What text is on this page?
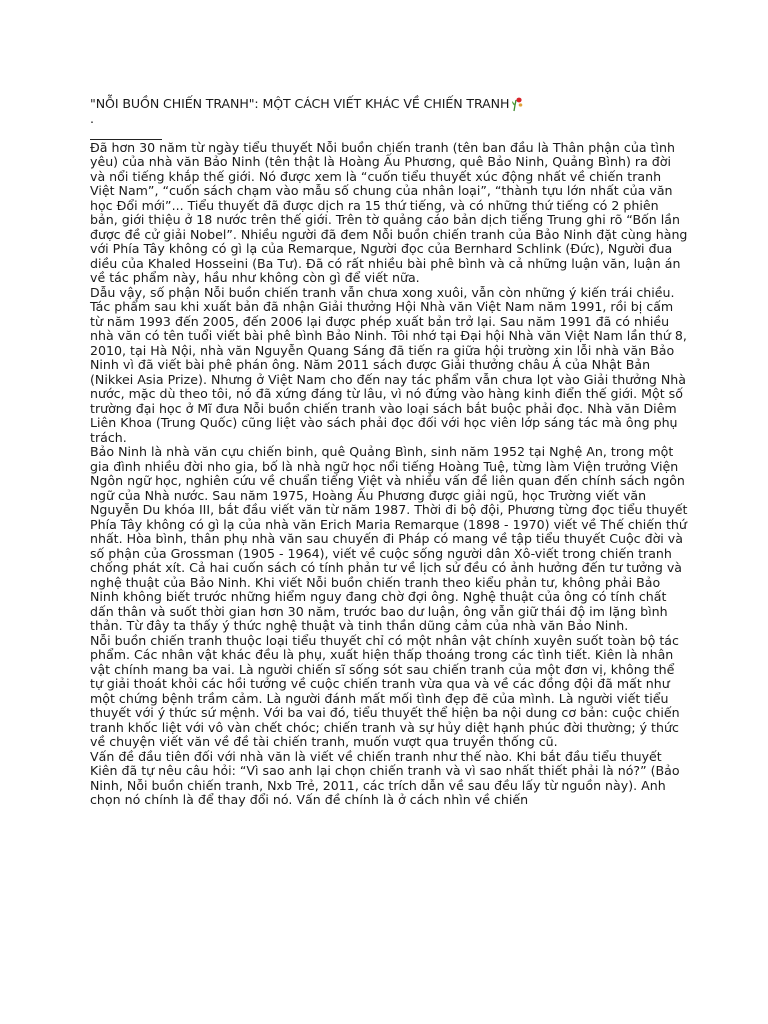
"NỖI BUỒN CHIẾN TRANH": MỘT CÁCH VIẾT KHÁC VỀ CHIẾN TRANH
.

Đã hơn 30 năm từ ngày tiểu thuyết Nỗi buồn chiến tranh (tên ban đầu là Thân phận của tình yêu) của nhà văn Bảo Ninh (tên thật là Hoàng Ấu Phương, quê Bảo Ninh, Quảng Bình) ra đời và nổi tiếng khắp thế giới. Nó được xem là “cuốn tiểu thuyết xúc động nhất về chiến tranh Việt Nam”, “cuốn sách chạm vào mẫu số chung của nhân loại”, “thành tựu lớn nhất của văn học Đổi mới”... Tiểu thuyết đã được dịch ra 15 thứ tiếng, và có những thứ tiếng có 2 phiên bản, giới thiệu ở 18 nước trên thế giới. Trên tờ quảng cáo bản dịch tiếng Trung ghi rõ “Bốn lần được đề cử giải Nobel”. Nhiều người đã đem Nỗi buồn chiến tranh của Bảo Ninh đặt cùng hàng với Phía Tây không có gì lạ của Remarque, Người đọc của Bernhard Schlink (Đức), Người đua diều của Khaled Hosseini (Ba Tư). Đã có rất nhiều bài phê bình và cả những luận văn, luận án về tác phẩm này, hầu như không còn gì để viết nữa.

Dẫu vậy, số phận Nỗi buồn chiến tranh vẫn chưa xong xuôi, vẫn còn những ý kiến trái chiều. Tác phẩm sau khi xuất bản đã nhận Giải thưởng Hội Nhà văn Việt Nam năm 1991, rồi bị cấm từ năm 1993 đến 2005, đến 2006 lại được phép xuất bản trở lại. Sau năm 1991 đã có nhiều nhà văn có tên tuổi viết bài phê bình Bảo Ninh. Tôi nhớ tại Đại hội Nhà văn Việt Nam lần thứ 8, 2010, tại Hà Nội, nhà văn Nguyễn Quang Sáng đã tiến ra giữa hội trường xin lỗi nhà văn Bảo Ninh vì đã viết bài phê phán ông. Năm 2011 sách được Giải thưởng châu Á của Nhật Bản (Nikkei Asia Prize). Nhưng ở Việt Nam cho đến nay tác phẩm vẫn chưa lọt vào Giải thưởng Nhà nước, mặc dù theo tôi, nó đã xứng đáng từ lâu, vì nó đứng vào hàng kinh điển thế giới. Một số trường đại học ở Mĩ đưa Nỗi buồn chiến tranh vào loại sách bắt buộc phải đọc. Nhà văn Diêm Liên Khoa (Trung Quốc) cũng liệt vào sách phải đọc đối với học viên lớp sáng tác mà ông phụ trách.

Bảo Ninh là nhà văn cựu chiến binh, quê Quảng Bình, sinh năm 1952 tại Nghệ An, trong một gia đình nhiều đời nho gia, bố là nhà ngữ học nổi tiếng Hoàng Tuệ, từng làm Viện trưởng Viện Ngôn ngữ học, nghiên cứu về chuẩn tiếng Việt và nhiều vấn đề liên quan đến chính sách ngôn ngữ của Nhà nước. Sau năm 1975, Hoàng Ấu Phương được giải ngũ, học Trường viết văn Nguyễn Du khóa III, bắt đầu viết văn từ năm 1987. Thời đi bộ đội, Phương từng đọc tiểu thuyết Phía Tây không có gì lạ của nhà văn Erich Maria Remarque (1898 - 1970) viết về Thế chiến thứ nhất. Hòa bình, thân phụ nhà văn sau chuyến đi Pháp có mang về tập tiểu thuyết Cuộc đời và số phận của Grossman (1905 - 1964), viết về cuộc sống người dân Xô-viết trong chiến tranh chống phát xít. Cả hai cuốn sách có tính phản tư về lịch sử đều có ảnh hưởng đến tư tưởng và nghệ thuật của Bảo Ninh. Khi viết Nỗi buồn chiến tranh theo kiểu phản tư, không phải Bảo Ninh không biết trước những hiểm nguy đang chờ đợi ông. Nghệ thuật của ông có tính chất dấn thân và suốt thời gian hơn 30 năm, trước bao dư luận, ông vẫn giữ thái độ im lặng bình thản. Từ đây ta thấy ý thức nghệ thuật và tinh thần dũng cảm của nhà văn Bảo Ninh.

Nỗi buồn chiến tranh thuộc loại tiểu thuyết chỉ có một nhân vật chính xuyên suốt toàn bộ tác phẩm. Các nhân vật khác đều là phụ, xuất hiện thấp thoáng trong các tình tiết. Kiên là nhân vật chính mang ba vai. Là người chiến sĩ sống sót sau chiến tranh của một đơn vị, không thể tự giải thoát khỏi các hồi tưởng về cuộc chiến tranh vừa qua và về các đồng đội đã mất như một chứng bệnh trầm cảm. Là người đánh mất mối tình đẹp đẽ của mình. Là người viết tiểu thuyết với ý thức sứ mệnh. Với ba vai đó, tiểu thuyết thể hiện ba nội dung cơ bản: cuộc chiến tranh khốc liệt với vô vàn chết chóc; chiến tranh và sự hủy diệt hạnh phúc đời thường; ý thức về chuyện viết văn về đề tài chiến tranh, muốn vượt qua truyền thống cũ.

Vấn đề đầu tiên đối với nhà văn là viết về chiến tranh như thế nào. Khi bắt đầu tiểu thuyết Kiên đã tự nêu câu hỏi: “Vì sao anh lại chọn chiến tranh và vì sao nhất thiết phải là nó?” (Bảo Ninh, Nỗi buồn chiến tranh, Nxb Trẻ, 2011, các trích dẫn về sau đều lấy từ nguồn này). Anh chọn nó chính là để thay đổi nó. Vấn đề chính là ở cách nhìn về chiến
